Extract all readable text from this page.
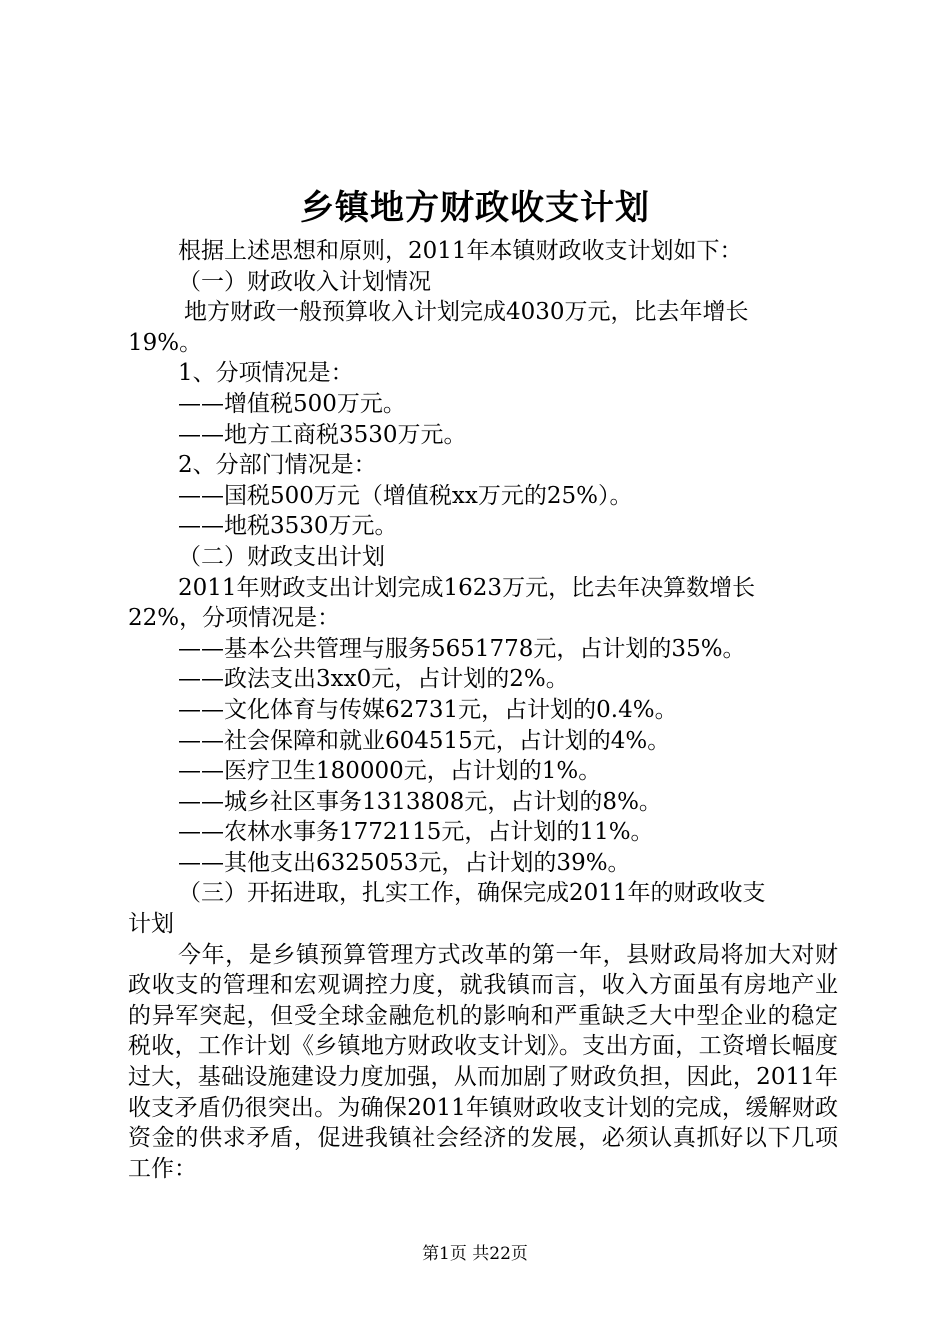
乡镇地方财政收支计划
根据上述思想和原则，2011年本镇财政收支计划如下：
（一）财政收入计划情况
地方财政一般预算收入计划完成4030万元，比去年增长
19%。
1、分项情况是：
——增值税500万元。
——地方工商税3530万元。
2、分部门情况是：
——国税500万元（增值税xx万元的25%）。
——地税3530万元。
（二）财政支出计划
2011年财政支出计划完成1623万元，比去年决算数增长
22%，分项情况是：
——基本公共管理与服务5651778元，占计划的35%。
——政法支出3xx0元，占计划的2%。
——文化体育与传媒62731元，占计划的0.4%。
——社会保障和就业604515元，占计划的4%。
——医疗卫生180000元，占计划的1%。
——城乡社区事务1313808元，占计划的8%。
——农林水事务1772115元，占计划的11%。
——其他支出6325053元，占计划的39%。
（三）开拓进取，扎实工作，确保完成2011年的财政收支
计划
今年，是乡镇预算管理方式改革的第一年，县财政局将加大对财政收支的管理和宏观调控力度，就我镇而言，收入方面虽有房地产业的异军突起，但受全球金融危机的影响和严重缺乏大中型企业的稳定税收，工作计划《乡镇地方财政收支计划》。支出方面，工资增长幅度过大，基础设施建设力度加强，从而加剧了财政负担，因此，2011年收支矛盾仍很突出。为确保2011年镇财政收支计划的完成，缓解财政资金的供求矛盾，促进我镇社会经济的发展，必须认真抓好以下几项工作：
第1页 共22页
